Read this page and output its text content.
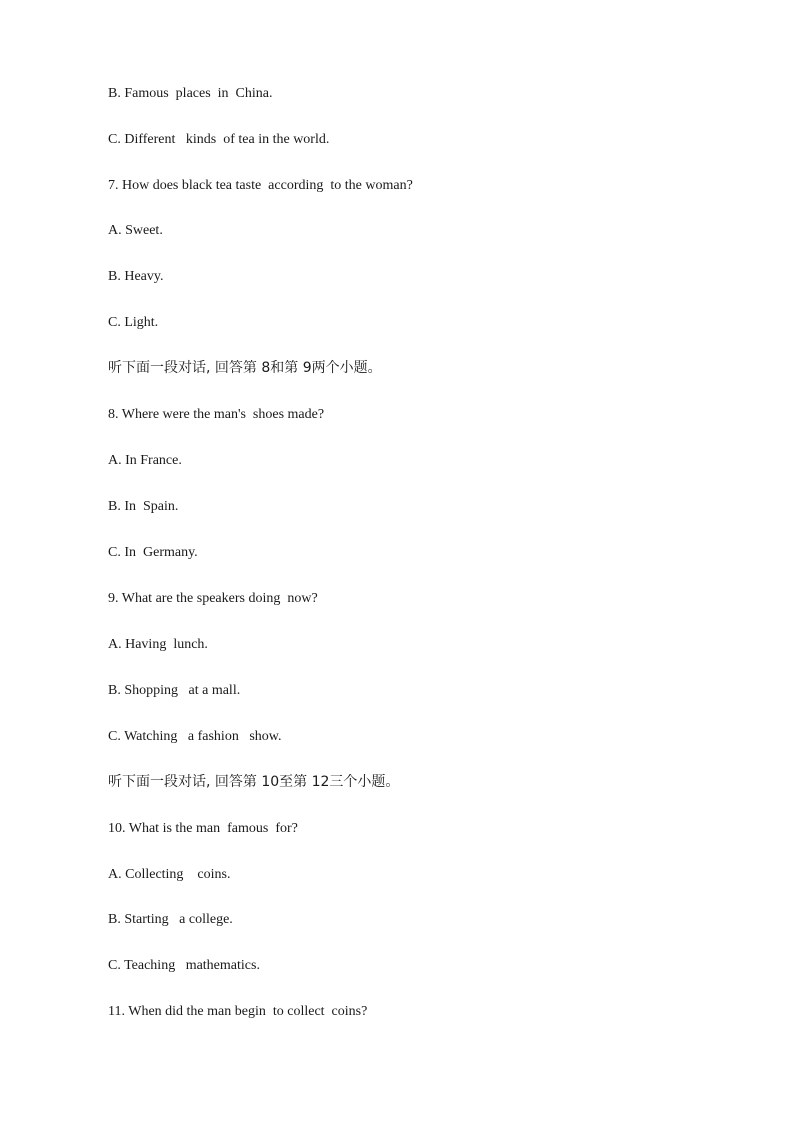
B. Famous  places  in  China.
C. Different   kinds  of tea in the world.
7. How does black tea taste  according  to the woman?
A. Sweet.
B. Heavy.
C. Light.
听下面一段对话, 回答第 8和第 9两个小题。
8. Where were the man's  shoes made?
A. In France.
B. In  Spain.
C. In  Germany.
9. What are the speakers doing  now?
A. Having  lunch.
B. Shopping   at a mall.
C. Watching   a fashion   show.
听下面一段对话, 回答第 10至第 12三个小题。
10. What is the man  famous  for?
A. Collecting    coins.
B. Starting   a college.
C. Teaching   mathematics.
11. When did the man begin  to collect  coins?
